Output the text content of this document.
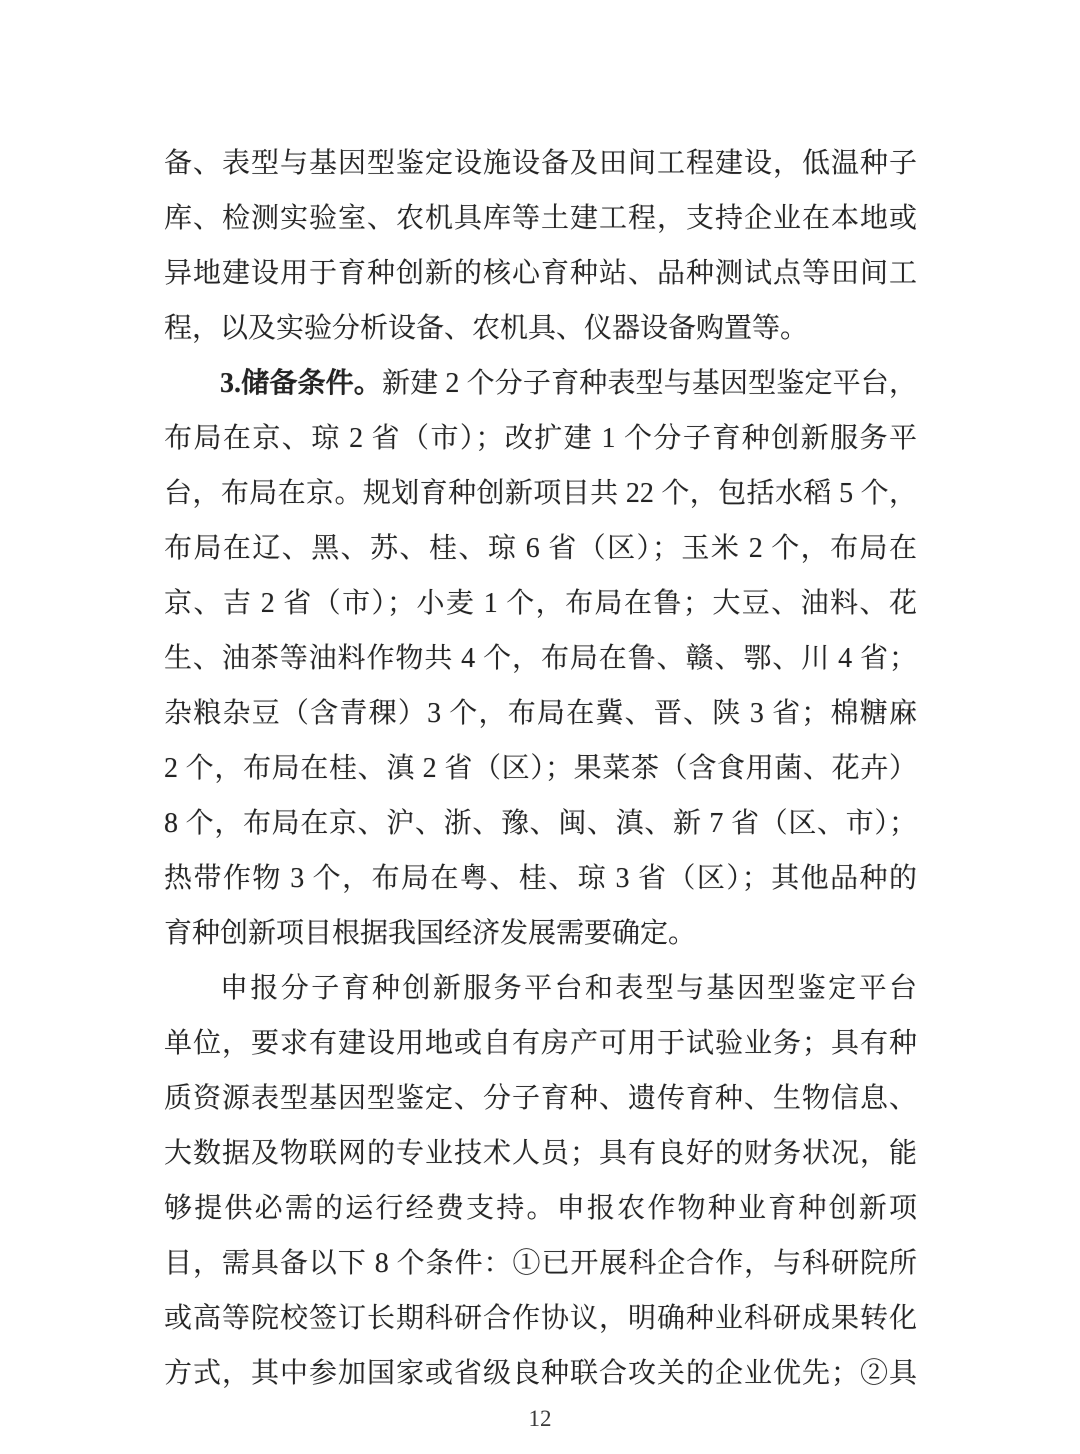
备、表型与基因型鉴定设施设备及田间工程建设，低温种子
库、检测实验室、农机具库等土建工程，支持企业在本地或
异地建设用于育种创新的核心育种站、品种测试点等田间工
程，以及实验分析设备、农机具、仪器设备购置等。
3.储备条件。新建 2 个分子育种表型与基因型鉴定平台，
布局在京、琼 2 省（市）；改扩建 1 个分子育种创新服务平
台，布局在京。规划育种创新项目共 22 个，包括水稻 5 个，
布局在辽、黑、苏、桂、琼 6 省（区）；玉米 2 个，布局在
京、吉 2 省（市）；小麦 1 个，布局在鲁；大豆、油料、花
生、油茶等油料作物共 4 个，布局在鲁、赣、鄂、川 4 省；
杂粮杂豆（含青稞）3 个，布局在冀、晋、陕 3 省；棉糖麻
2 个，布局在桂、滇 2 省（区）；果菜茶（含食用菌、花卉）
8 个，布局在京、沪、浙、豫、闽、滇、新 7 省（区、市）；
热带作物 3 个，布局在粤、桂、琼 3 省（区）；其他品种的
育种创新项目根据我国经济发展需要确定。
申报分子育种创新服务平台和表型与基因型鉴定平台
单位，要求有建设用地或自有房产可用于试验业务；具有种
质资源表型基因型鉴定、分子育种、遗传育种、生物信息、
大数据及物联网的专业技术人员；具有良好的财务状况，能
够提供必需的运行经费支持。申报农作物种业育种创新项
目，需具备以下 8 个条件：①已开展科企合作，与科研院所
或高等院校签订长期科研合作协议，明确种业科研成果转化
方式，其中参加国家或省级良种联合攻关的企业优先；②具
12
